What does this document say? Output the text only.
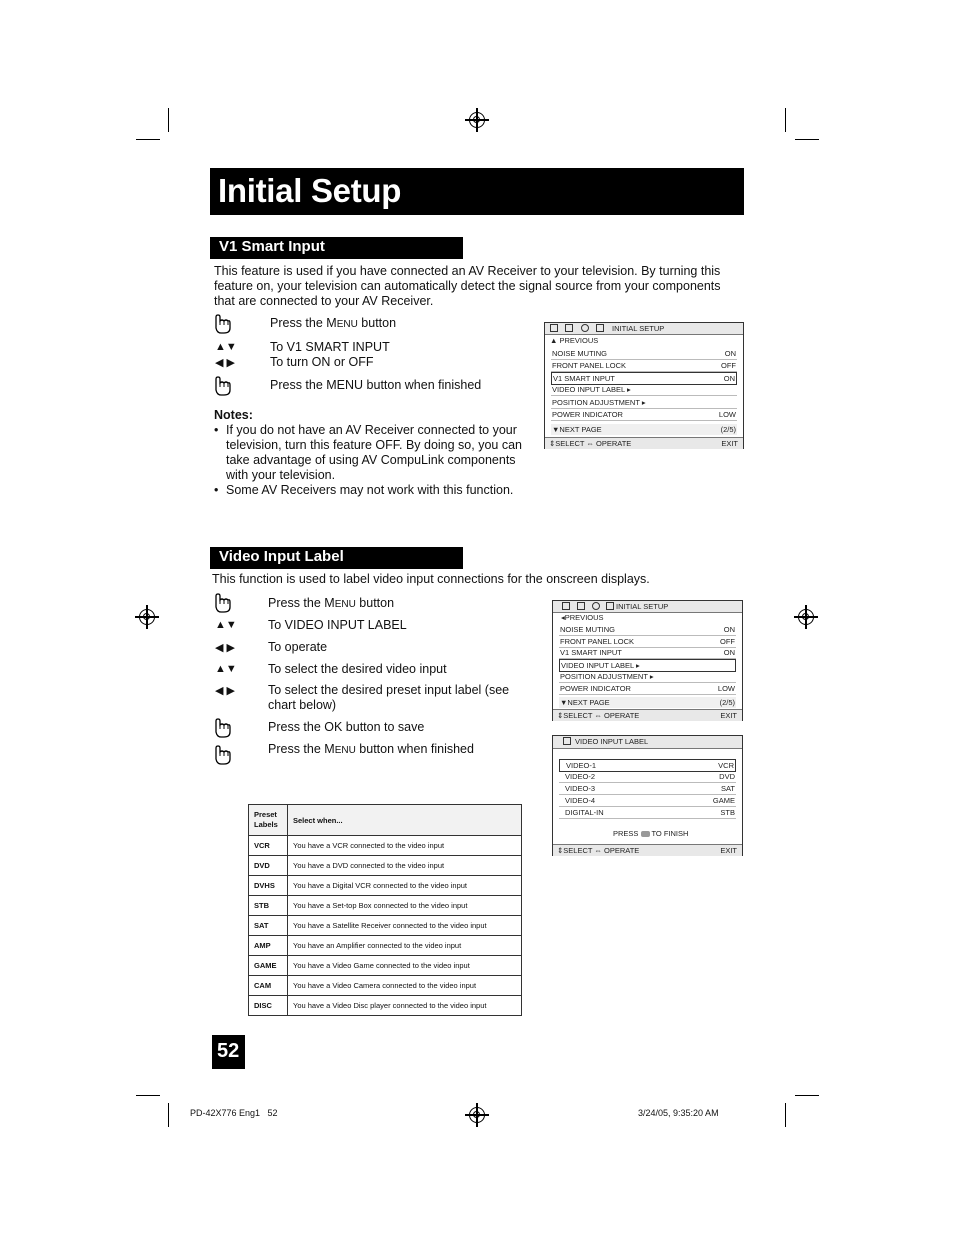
Initial Setup
V1 Smart Input
This feature is used if you have connected an AV Receiver to your television. By turning this feature on, your television can automatically detect the signal source from your components that are connected to your AV Receiver.
Press the MENU button
▲▼	To V1 SMART INPUT
◀ ▶	To turn ON or OFF
Press the MENU button when finished
Notes:
• If you do not have an AV Receiver connected to your television, turn this feature OFF. By doing so, you can take advantage of using AV CompuLink components with your television.
• Some AV Receivers may not work with this function.
INITIAL SETUP
▲ PREVIOUS
NOISE MUTING	ON
FRONT PANEL LOCK	OFF
V1 SMART INPUT	ON
VIDEO INPUT LABEL ▸
POSITION ADJUSTMENT ▸
POWER INDICATOR	LOW
▼NEXT PAGE	(2/5)
⇕SELECT ⇔ OPERATE	EXIT
Video Input Label
This function is used to label video input connections for the onscreen displays.
Press the MENU button
▲▼ To VIDEO INPUT LABEL
◀ ▶	To operate
▲▼ To select the desired video input
◀ ▶	To select the desired preset input label (see chart below)
Press the OK button to save
Press the MENU button when finished
INITIAL SETUP
◂PREVIOUS
NOISE MUTING	ON
FRONT PANEL LOCK	OFF
V1 SMART INPUT	ON
VIDEO INPUT LABEL ▸
POSITION ADJUSTMENT ▸
POWER INDICATOR	LOW
▼NEXT PAGE	(2/5)
⇕SELECT ⇔ OPERATE	EXIT
VIDEO INPUT LABEL
VIDEO-1	VCR
VIDEO-2	DVD
VIDEO-3	SAT
VIDEO-4	GAME
DIGITAL-IN	STB
PRESS TO FINISH
⇕SELECT ⇔ OPERATE	EXIT
Preset Labels	Select when...
VCR	You have a VCR connected to the video input
DVD	You have a DVD connected to the video input
DVHS	You have a Digital VCR connected to the video input
STB	You have a Set-top Box connected to the video input
SAT	You have a Satellite Receiver connected to the video input
AMP	You have an Amplifier connected to the video input
GAME	You have a Video Game connected to the video input
CAM	You have a Video Camera connected to the video input
DISC	You have a Video Disc player connected to the video input
52
PD-42X776 Eng1   52	3/24/05, 9:35:20 AM
